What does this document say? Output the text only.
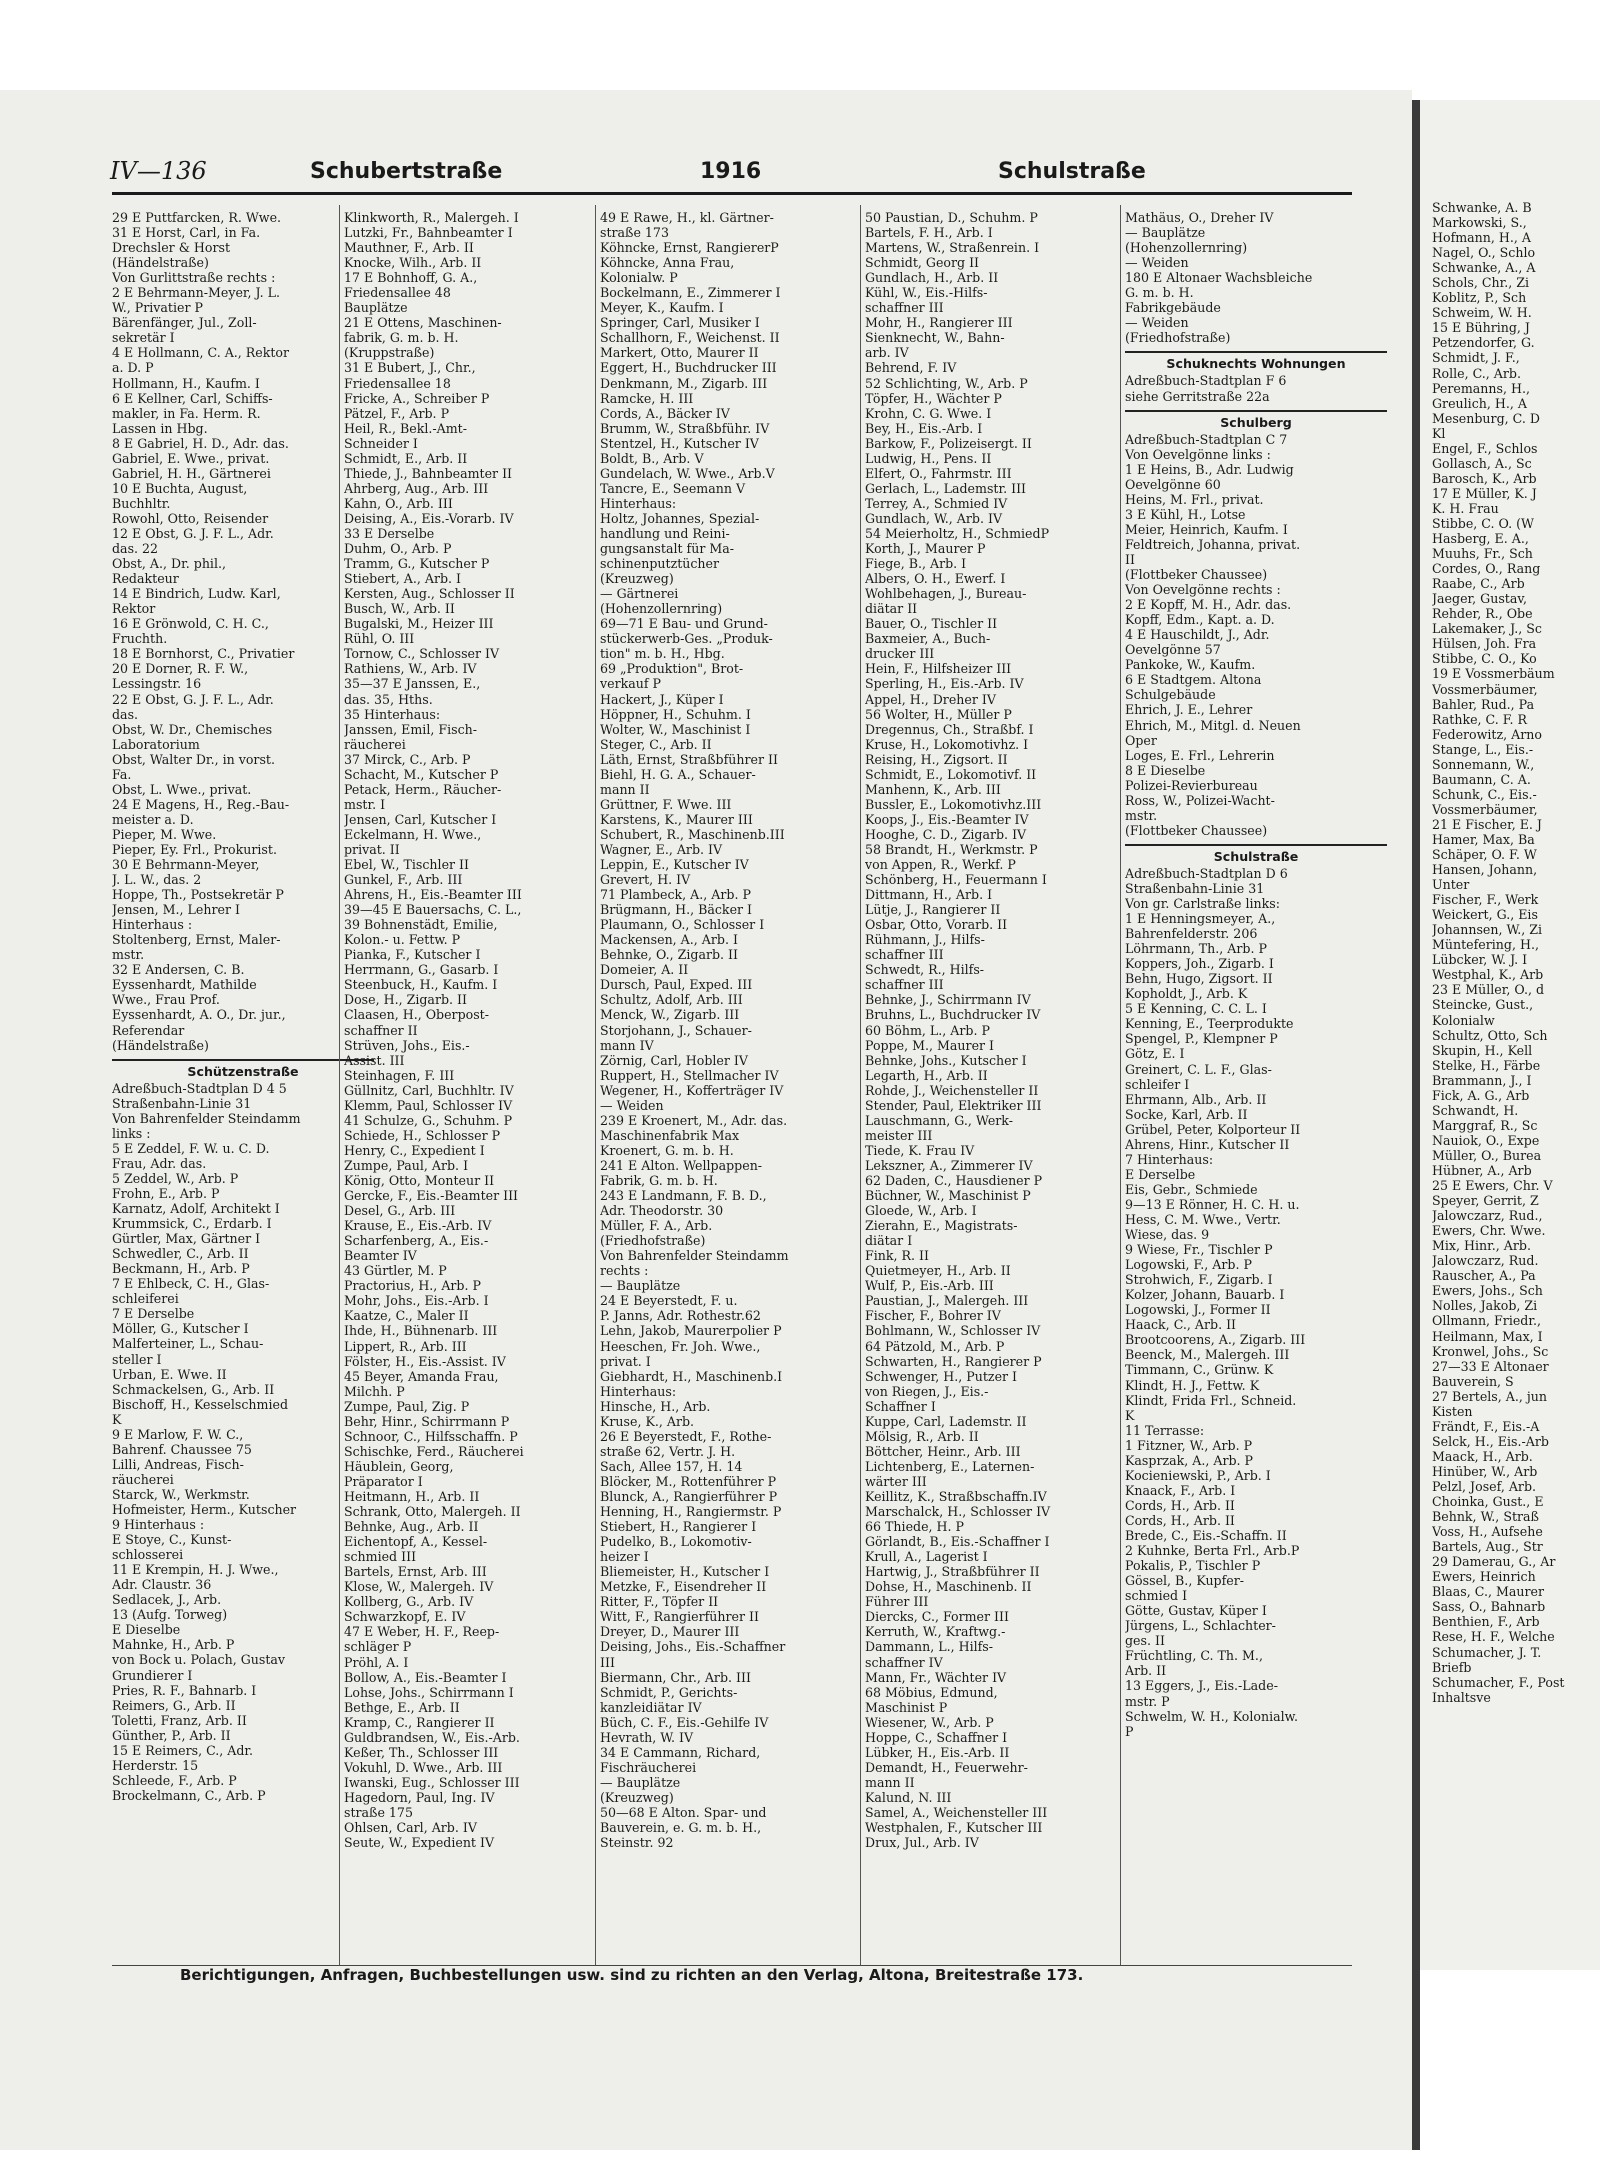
Schwanke, A. B
Markowski, S.,
Hofmann, H., A
Nagel, O., Schlo
Schwanke, A., A
Schols, Chr., Zi
Koblitz, P., Sch
Schweim, W. H.
15 E Bühring, J
Petzendorfer, G.
Schmidt, J. F.,
Rolle, C., Arb.
Peremanns, H.,
Greulich, H., A
Mesenburg, C. D
Kl
Engel, F., Schlos
Gollasch, A., Sc
Barosch, K., Arb
17 E Müller, K. J
K. H. Frau
Stibbe, C. O. (W
Hasberg, E. A.,
Muuhs, Fr., Sch
Cordes, O., Rang
Raabe, C., Arb
Jaeger, Gustav,
Rehder, R., Obe
Lakemaker, J., Sc
Hülsen, Joh. Fra
Stibbe, C. O., Ko
19 E Vossmerbäum
Vossmerbäumer,
Bahler, Rud., Pa
Rathke, C. F. R
Federowitz, Arno
Stange, L., Eis.-
Sonnemann, W.,
Baumann, C. A.
Schunk, C., Eis.-
Vossmerbäumer,
21 E Fischer, E. J
Hamer, Max, Ba
Schäper, O. F. W
Hansen, Johann,
Unter
Fischer, F., Werk
Weickert, G., Eis
Johannsen, W., Zi
Müntefering, H.,
Lübcker, W. J. I
Westphal, K., Arb
23 E Müller, O., d
Steincke, Gust.,
Kolonialw
Schultz, Otto, Sch
Skupin, H., Kell
Stelke, H., Färbe
Brammann, J., I
Fick, A. G., Arb
Schwandt, H.
Marggraf, R., Sc
Nauiok, O., Expe
Müller, O., Burea
Hübner, A., Arb
25 E Ewers, Chr. V
Speyer, Gerrit, Z
Jalowczarz, Rud.,
Ewers, Chr. Wwe.
Mix, Hinr., Arb.
Jalowczarz, Rud.
Rauscher, A., Pa
Ewers, Johs., Sch
Nolles, Jakob, Zi
Ollmann, Friedr.,
Heilmann, Max, I
Kronwel, Johs., Sc
27—33 E Altonaer
Bauverein, S
27 Bertels, A., jun
Kisten
Frändt, F., Eis.-A
Selck, H., Eis.-Arb
Maack, H., Arb.
Hinüber, W., Arb
Pelzl, Josef, Arb.
Choinka, Gust., E
Behnk, W., Straß
Voss, H., Aufsehe
Bartels, Aug., Str
29 Damerau, G., Ar
Ewers, Heinrich
Blaas, C., Maurer
Sass, O., Bahnarb
Benthien, F., Arb
Rese, H. F., Welche
Schumacher, J. T.
Briefb
Schumacher, F., Post
Inhaltsve
IV—136	Schubertstraße	1916	Schulstraße
29 E Puttfarcken, R. Wwe.
31 E Horst, Carl, in Fa.
Drechsler & Horst
(Händelstraße)
Von Gurlittstraße rechts :
2 E Behrmann-Meyer, J. L.
W., Privatier P
Bärenfänger, Jul., Zoll-
sekretär I
4 E Hollmann, C. A., Rektor
a. D. P
Hollmann, H., Kaufm. I
6 E Kellner, Carl, Schiffs-
makler, in Fa. Herm. R.
Lassen in Hbg.
8 E Gabriel, H. D., Adr. das.
Gabriel, E. Wwe., privat.
Gabriel, H. H., Gärtnerei
10 E Buchta, August,
Buchhltr.
Rowohl, Otto, Reisender
12 E Obst, G. J. F. L., Adr.
das. 22
Obst, A., Dr. phil.,
Redakteur
14 E Bindrich, Ludw. Karl,
Rektor
16 E Grönwold, C. H. C.,
Fruchth.
18 E Bornhorst, C., Privatier
20 E Dorner, R. F. W.,
Lessingstr. 16
22 E Obst, G. J. F. L., Adr.
das.
Obst, W. Dr., Chemisches
Laboratorium
Obst, Walter Dr., in vorst.
Fa.
Obst, L. Wwe., privat.
24 E Magens, H., Reg.-Bau-
meister a. D.
Pieper, M. Wwe.
Pieper, Ey. Frl., Prokurist.
30 E Behrmann-Meyer,
J. L. W., das. 2
Hoppe, Th., Postsekretär P
Jensen, M., Lehrer I
Hinterhaus :
Stoltenberg, Ernst, Maler-
mstr.
32 E Andersen, C. B.
Eyssenhardt, Mathilde
Wwe., Frau Prof.
Eyssenhardt, A. O., Dr. jur.,
Referendar
(Händelstraße)
Schützenstraße
Adreßbuch-Stadtplan D 4 5
Straßenbahn-Linie 31
Von Bahrenfelder Steindamm
links :
5 E Zeddel, F. W. u. C. D.
Frau, Adr. das.
5 Zeddel, W., Arb. P
Frohn, E., Arb. P
Karnatz, Adolf, Architekt I
Krummsick, C., Erdarb. I
Gürtler, Max, Gärtner I
Schwedler, C., Arb. II
Beckmann, H., Arb. P
7 E Ehlbeck, C. H., Glas-
schleiferei
7 E Derselbe
Möller, G., Kutscher I
Malferteiner, L., Schau-
steller I
Urban, E. Wwe. II
Schmackelsen, G., Arb. II
Bischoff, H., Kesselschmied
K
9 E Marlow, F. W. C.,
Bahrenf. Chaussee 75
Lilli, Andreas, Fisch-
räucherei
Starck, W., Werkmstr.
Hofmeister, Herm., Kutscher
9 Hinterhaus :
E Stoye, C., Kunst-
schlosserei
11 E Krempin, H. J. Wwe.,
Adr. Claustr. 36
Sedlacek, J., Arb.
13 (Aufg. Torweg)
E Dieselbe
Mahnke, H., Arb. P
von Bock u. Polach, Gustav
Grundierer I
Pries, R. F., Bahnarb. I
Reimers, G., Arb. II
Toletti, Franz, Arb. II
Günther, P., Arb. II
15 E Reimers, C., Adr.
Herderstr. 15
Schleede, F., Arb. P
Brockelmann, C., Arb. P
Klinkworth, R., Malergeh. I
Lutzki, Fr., Bahnbeamter I
Mauthner, F., Arb. II
Knocke, Wilh., Arb. II
17 E Bohnhoff, G. A.,
Friedensallee 48
Bauplätze
21 E Ottens, Maschinen-
fabrik, G. m. b. H.
(Kruppstraße)
31 E Bubert, J., Chr.,
Friedensallee 18
Fricke, A., Schreiber P
Pätzel, F., Arb. P
Heil, R., Bekl.-Amt-
Schneider I
Schmidt, E., Arb. II
Thiede, J., Bahnbeamter II
Ahrberg, Aug., Arb. III
Kahn, O., Arb. III
Deising, A., Eis.-Vorarb. IV
33 E Derselbe
Duhm, O., Arb. P
Tramm, G., Kutscher P
Stiebert, A., Arb. I
Kersten, Aug., Schlosser II
Busch, W., Arb. II
Bugalski, M., Heizer III
Rühl, O. III
Tornow, C., Schlosser IV
Rathiens, W., Arb. IV
35—37 E Janssen, E.,
das. 35, Hths.
35 Hinterhaus:
Janssen, Emil, Fisch-
räucherei
37 Mirck, C., Arb. P
Schacht, M., Kutscher P
Petack, Herm., Räucher-
mstr. I
Jensen, Carl, Kutscher I
Eckelmann, H. Wwe.,
privat. II
Ebel, W., Tischler II
Gunkel, F., Arb. III
Ahrens, H., Eis.-Beamter III
39—45 E Bauersachs, C. L.,
39 Bohnenstädt, Emilie,
Kolon.- u. Fettw. P
Pianka, F., Kutscher I
Herrmann, G., Gasarb. I
Steenbuck, H., Kaufm. I
Dose, H., Zigarb. II
Claasen, H., Oberpost-
schaffner II
Strüven, Johs., Eis.-
Assist. III
Steinhagen, F. III
Güllnitz, Carl, Buchhltr. IV
Klemm, Paul, Schlosser IV
41 Schulze, G., Schuhm. P
Schiede, H., Schlosser P
Henry, C., Expedient I
Zumpe, Paul, Arb. I
König, Otto, Monteur II
Gercke, F., Eis.-Beamter III
Desel, G., Arb. III
Krause, E., Eis.-Arb. IV
Scharfenberg, A., Eis.-
Beamter IV
43 Gürtler, M. P
Practorius, H., Arb. P
Mohr, Johs., Eis.-Arb. I
Kaatze, C., Maler II
Ihde, H., Bühnenarb. III
Lippert, R., Arb. III
Fölster, H., Eis.-Assist. IV
45 Beyer, Amanda Frau,
Milchh. P
Zumpe, Paul, Zig. P
Behr, Hinr., Schirrmann P
Schnoor, C., Hilfsschaffn. P
Schischke, Ferd., Räucherei
Häublein, Georg,
Präparator I
Heitmann, H., Arb. II
Schrank, Otto, Malergeh. II
Behnke, Aug., Arb. II
Eichentopf, A., Kessel-
schmied III
Bartels, Ernst, Arb. III
Klose, W., Malergeh. IV
Kollberg, G., Arb. IV
Schwarzkopf, E. IV
47 E Weber, H. F., Reep-
schläger P
Pröhl, A. I
Bollow, A., Eis.-Beamter I
Lohse, Johs., Schirrmann I
Bethge, E., Arb. II
Kramp, C., Rangierer II
Guldbrandsen, W., Eis.-Arb.
Keßer, Th., Schlosser III
Vokuhl, D. Wwe., Arb. III
Iwanski, Eug., Schlosser III
Hagedorn, Paul, Ing. IV
straße 175
Ohlsen, Carl, Arb. IV
Seute, W., Expedient IV
49 E Rawe, H., kl. Gärtner-
straße 173
Köhncke, Ernst, RangiererP
Köhncke, Anna Frau,
Kolonialw. P
Bockelmann, E., Zimmerer I
Meyer, K., Kaufm. I
Springer, Carl, Musiker I
Schallhorn, F., Weichenst. II
Markert, Otto, Maurer II
Eggert, H., Buchdrucker III
Denkmann, M., Zigarb. III
Ramcke, H. III
Cords, A., Bäcker IV
Brumm, W., Straßbführ. IV
Stentzel, H., Kutscher IV
Boldt, B., Arb. V
Gundelach, W. Wwe., Arb.V
Tancre, E., Seemann V
Hinterhaus:
Holtz, Johannes, Spezial-
handlung und Reini-
gungsanstalt für Ma-
schinenputztücher
(Kreuzweg)
— Gärtnerei
(Hohenzollernring)
69—71 E Bau- und Grund-
stückerwerb-Ges. „Produk-
tion" m. b. H., Hbg.
69 „Produktion", Brot-
verkauf P
Hackert, J., Küper I
Höppner, H., Schuhm. I
Wolter, W., Maschinist I
Steger, C., Arb. II
Läth, Ernst, Straßbführer II
Biehl, H. G. A., Schauer-
mann II
Grüttner, F. Wwe. III
Karstens, K., Maurer III
Schubert, R., Maschinenb.III
Wagner, E., Arb. IV
Leppin, E., Kutscher IV
Grevert, H. IV
71 Plambeck, A., Arb. P
Brügmann, H., Bäcker I
Plaumann, O., Schlosser I
Mackensen, A., Arb. I
Behnke, O., Zigarb. II
Domeier, A. II
Dursch, Paul, Exped. III
Schultz, Adolf, Arb. III
Menck, W., Zigarb. III
Storjohann, J., Schauer-
mann IV
Zörnig, Carl, Hobler IV
Ruppert, H., Stellmacher IV
Wegener, H., Kofferträger IV
— Weiden
239 E Kroenert, M., Adr. das.
Maschinenfabrik Max
Kroenert, G. m. b. H.
241 E Alton. Wellpappen-
Fabrik, G. m. b. H.
243 E Landmann, F. B. D.,
Adr. Theodorstr. 30
Müller, F. A., Arb.
(Friedhofstraße)
Von Bahrenfelder Steindamm
rechts :
— Bauplätze
24 E Beyerstedt, F. u.
P. Janns, Adr. Rothestr.62
Lehn, Jakob, Maurerpolier P
Heeschen, Fr. Joh. Wwe.,
privat. I
Giebhardt, H., Maschinenb.I
Hinterhaus:
Hinsche, H., Arb.
Kruse, K., Arb.
26 E Beyerstedt, F., Rothe-
straße 62, Vertr. J. H.
Sach, Allee 157, H. 14
Blöcker, M., Rottenführer P
Blunck, A., Rangierführer P
Henning, H., Rangiermstr. P
Stiebert, H., Rangierer I
Pudelko, B., Lokomotiv-
heizer I
Bliemeister, H., Kutscher I
Metzke, F., Eisendreher II
Ritter, F., Töpfer II
Witt, F., Rangierführer II
Dreyer, D., Maurer III
Deising, Johs., Eis.-Schaffner
III
Biermann, Chr., Arb. III
Schmidt, P., Gerichts-
kanzleidiätar IV
Büch, C. F., Eis.-Gehilfe IV
Hevrath, W. IV
34 E Cammann, Richard,
Fischräucherei
— Bauplätze
(Kreuzweg)
50—68 E Alton. Spar- und
Bauverein, e. G. m. b. H.,
Steinstr. 92
50 Paustian, D., Schuhm. P
Bartels, F. H., Arb. I
Martens, W., Straßenrein. I
Schmidt, Georg II
Gundlach, H., Arb. II
Kühl, W., Eis.-Hilfs-
schaffner III
Mohr, H., Rangierer III
Sienknecht, W., Bahn-
arb. IV
Behrend, F. IV
52 Schlichting, W., Arb. P
Töpfer, H., Wächter P
Krohn, C. G. Wwe. I
Bey, H., Eis.-Arb. I
Barkow, F., Polizeisergt. II
Ludwig, H., Pens. II
Elfert, O., Fahrmstr. III
Gerlach, L., Lademstr. III
Terrey, A., Schmied IV
Gundlach, W., Arb. IV
54 Meierholtz, H., SchmiedP
Korth, J., Maurer P
Fiege, B., Arb. I
Albers, O. H., Ewerf. I
Wohlbehagen, J., Bureau-
diätar II
Bauer, O., Tischler II
Baxmeier, A., Buch-
drucker III
Hein, F., Hilfsheizer III
Sperling, H., Eis.-Arb. IV
Appel, H., Dreher IV
56 Wolter, H., Müller P
Dregennus, Ch., Straßbf. I
Kruse, H., Lokomotivhz. I
Reising, H., Zigsort. II
Schmidt, E., Lokomotivf. II
Manhenn, K., Arb. III
Bussler, E., Lokomotivhz.III
Koops, J., Eis.-Beamter IV
Hooghe, C. D., Zigarb. IV
58 Brandt, H., Werkmstr. P
von Appen, R., Werkf. P
Schönberg, H., Feuermann I
Dittmann, H., Arb. I
Lütje, J., Rangierer II
Osbar, Otto, Vorarb. II
Rühmann, J., Hilfs-
schaffner III
Schwedt, R., Hilfs-
schaffner III
Behnke, J., Schirrmann IV
Bruhns, L., Buchdrucker IV
60 Böhm, L., Arb. P
Poppe, M., Maurer I
Behnke, Johs., Kutscher I
Legarth, H., Arb. II
Rohde, J., Weichensteller II
Stender, Paul, Elektriker III
Lauschmann, G., Werk-
meister III
Tiede, K. Frau IV
Lekszner, A., Zimmerer IV
62 Daden, C., Hausdiener P
Büchner, W., Maschinist P
Gloede, W., Arb. I
Zierahn, E., Magistrats-
diätar I
Fink, R. II
Quietmeyer, H., Arb. II
Wulf, P., Eis.-Arb. III
Paustian, J., Malergeh. III
Fischer, F., Bohrer IV
Bohlmann, W., Schlosser IV
64 Pätzold, M., Arb. P
Schwarten, H., Rangierer P
Schwenger, H., Putzer I
von Riegen, J., Eis.-
Schaffner I
Kuppe, Carl, Lademstr. II
Mölsig, R., Arb. II
Böttcher, Heinr., Arb. III
Lichtenberg, E., Laternen-
wärter III
Keillitz, K., Straßbschaffn.IV
Marschalck, H., Schlosser IV
66 Thiede, H. P
Görlandt, B., Eis.-Schaffner I
Krull, A., Lagerist I
Hartwig, J., Straßbführer II
Dohse, H., Maschinenb. II
Führer III
Diercks, C., Former III
Kerruth, W., Kraftwg.-
Dammann, L., Hilfs-
schaffner IV
Mann, Fr., Wächter IV
68 Möbius, Edmund,
Maschinist P
Wiesener, W., Arb. P
Hoppe, C., Schaffner I
Lübker, H., Eis.-Arb. II
Demandt, H., Feuerwehr-
mann II
Kalund, N. III
Samel, A., Weichensteller III
Westphalen, F., Kutscher III
Drux, Jul., Arb. IV
Mathäus, O., Dreher IV
— Bauplätze
(Hohenzollernring)
— Weiden
180 E Altonaer Wachsbleiche
G. m. b. H.
Fabrikgebäude
— Weiden
(Friedhofstraße)
Schuknechts Wohnungen
Adreßbuch-Stadtplan F 6
siehe Gerritstraße 22a
Schulberg
Adreßbuch-Stadtplan C 7
Von Oevelgönne links :
1 E Heins, B., Adr. Ludwig
Oevelgönne 60
Heins, M. Frl., privat.
3 E Kühl, H., Lotse
Meier, Heinrich, Kaufm. I
Feldtreich, Johanna, privat.
II
(Flottbeker Chaussee)
Von Oevelgönne rechts :
2 E Kopff, M. H., Adr. das.
Kopff, Edm., Kapt. a. D.
4 E Hauschildt, J., Adr.
Oevelgönne 57
Pankoke, W., Kaufm.
6 E Stadtgem. Altona
Schulgebäude
Ehrich, J. E., Lehrer
Ehrich, M., Mitgl. d. Neuen
Oper
Loges, E. Frl., Lehrerin
8 E Dieselbe
Polizei-Revierbureau
Ross, W., Polizei-Wacht-
mstr.
(Flottbeker Chaussee)
Schulstraße
Adreßbuch-Stadtplan D 6
Straßenbahn-Linie 31
Von gr. Carlstraße links:
1 E Henningsmeyer, A.,
Bahrenfelderstr. 206
Löhrmann, Th., Arb. P
Koppers, Joh., Zigarb. I
Behn, Hugo, Zigsort. II
Kopholdt, J., Arb. K
5 E Kenning, C. C. L. I
Kenning, E., Teerprodukte
Spengel, P., Klempner P
Götz, E. I
Greinert, C. L. F., Glas-
schleifer I
Ehrmann, Alb., Arb. II
Socke, Karl, Arb. II
Grübel, Peter, Kolporteur II
Ahrens, Hinr., Kutscher II
7 Hinterhaus:
E Derselbe
Eis, Gebr., Schmiede
9—13 E Rönner, H. C. H. u.
Hess, C. M. Wwe., Vertr.
Wiese, das. 9
9 Wiese, Fr., Tischler P
Logowski, F., Arb. P
Strohwich, F., Zigarb. I
Kolzer, Johann, Bauarb. I
Logowski, J., Former II
Haack, C., Arb. II
Brootcoorens, A., Zigarb. III
Beenck, M., Malergeh. III
Timmann, C., Grünw. K
Klindt, H. J., Fettw. K
Klindt, Frida Frl., Schneid.
K
11 Terrasse:
1 Fitzner, W., Arb. P
Kasprzak, A., Arb. P
Kocieniewski, P., Arb. I
Knaack, F., Arb. I
Cords, H., Arb. II
Cords, H., Arb. II
Brede, C., Eis.-Schaffn. II
2 Kuhnke, Berta Frl., Arb.P
Pokalis, P., Tischler P
Gössel, B., Kupfer-
schmied I
Götte, Gustav, Küper I
Jürgens, L., Schlachter-
ges. II
Früchtling, C. Th. M.,
Arb. II
13 Eggers, J., Eis.-Lade-
mstr. P
Schwelm, W. H., Kolonialw.
P
Berichtigungen, Anfragen, Buchbestellungen usw. sind zu richten an den Verlag, Altona, Breitestraße 173.
